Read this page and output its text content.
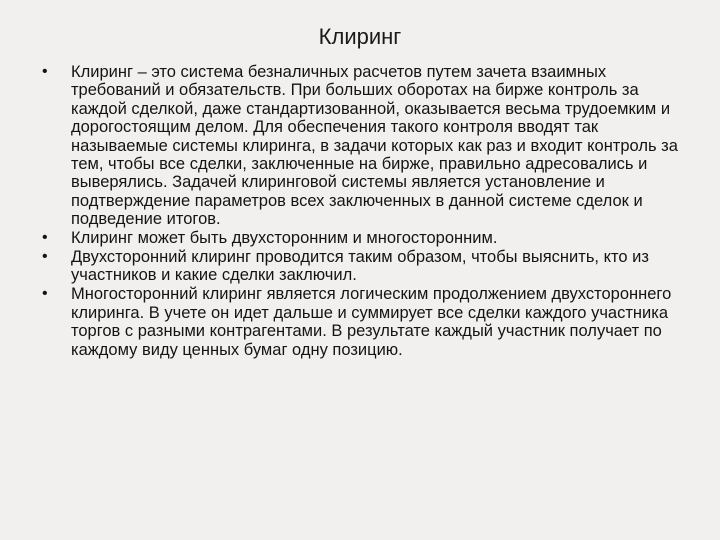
Клиринг
• Клиринг – это система безналичных расчетов путем зачета взаимных требований и обязательств. При больших оборотах на бирже контроль за каждой сделкой, даже стандартизованной, оказывается весьма трудоемким и дорогостоящим делом. Для обеспечения такого контроля вводят так называемые системы клиринга, в задачи которых как раз и входит контроль за тем, чтобы все сделки, заключенные на бирже, правильно адресовались и выверялись. Задачей клиринговой системы является установление и подтверждение параметров всех заключенных в данной системе сделок и подведение итогов.
• Клиринг может быть двухсторонним и многосторонним.
• Двухсторонний клиринг проводится таким образом, чтобы выяснить, кто из участников и какие сделки заключил.
• Многосторонний клиринг является логическим продолжением двухстороннего клиринга. В учете он идет дальше и суммирует все сделки каждого участника торгов с разными контрагентами. В результате каждый участник получает по каждому виду ценных бумаг одну позицию.
